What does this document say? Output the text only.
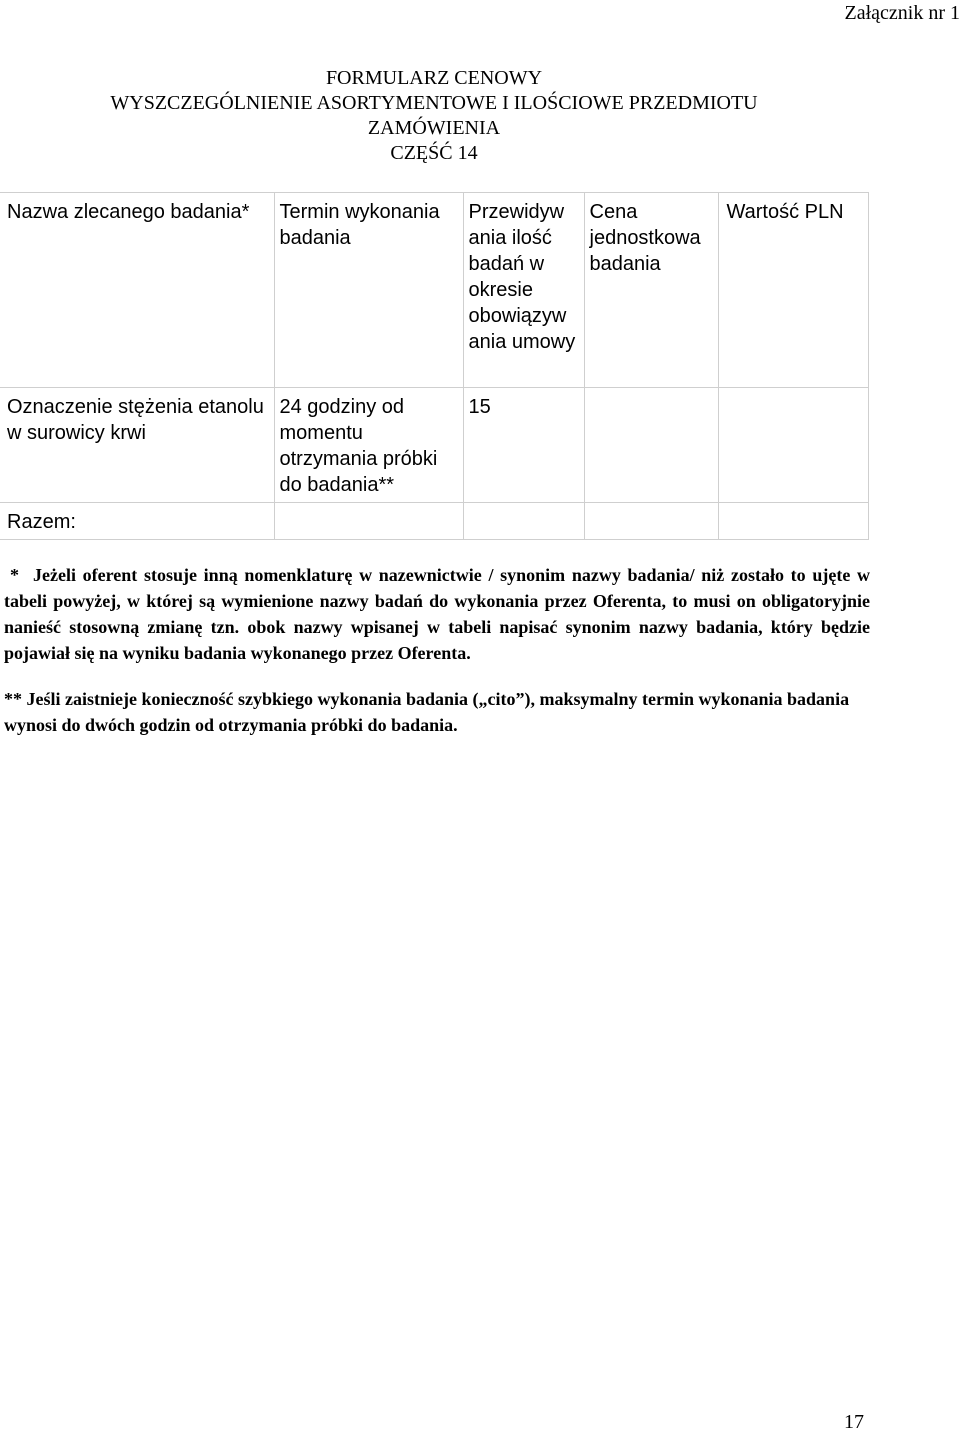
Załącznik nr 1
FORMULARZ CENOWY
WYSZCZEGÓLNIENIE ASORTYMENTOWE I ILOŚCIOWE PRZEDMIOTU
ZAMÓWIENIA
CZĘŚĆ 14
Nazwa zlecanego badania*	Termin wykonania badania	Przewidyw ania ilość badań w okresie obowiązyw ania umowy	Cena jednostkowa badania	Wartość PLN
Oznaczenie stężenia etanolu w surowicy krwi	24 godziny od momentu otrzymania próbki do badania**	15		
Razem:				
* Jeżeli oferent stosuje inną nomenklaturę w nazewnictwie / synonim nazwy badania/ niż zostało to ujęte w tabeli powyżej, w której są wymienione nazwy badań do wykonania przez Oferenta, to musi on obligatoryjnie nanieść stosowną zmianę tzn. obok nazwy wpisanej w tabeli napisać synonim nazwy badania, który będzie pojawiał się na wyniku badania wykonanego przez Oferenta.
** Jeśli zaistnieje konieczność szybkiego wykonania badania („cito”), maksymalny termin wykonania badania wynosi do dwóch godzin od otrzymania próbki do badania.
17
